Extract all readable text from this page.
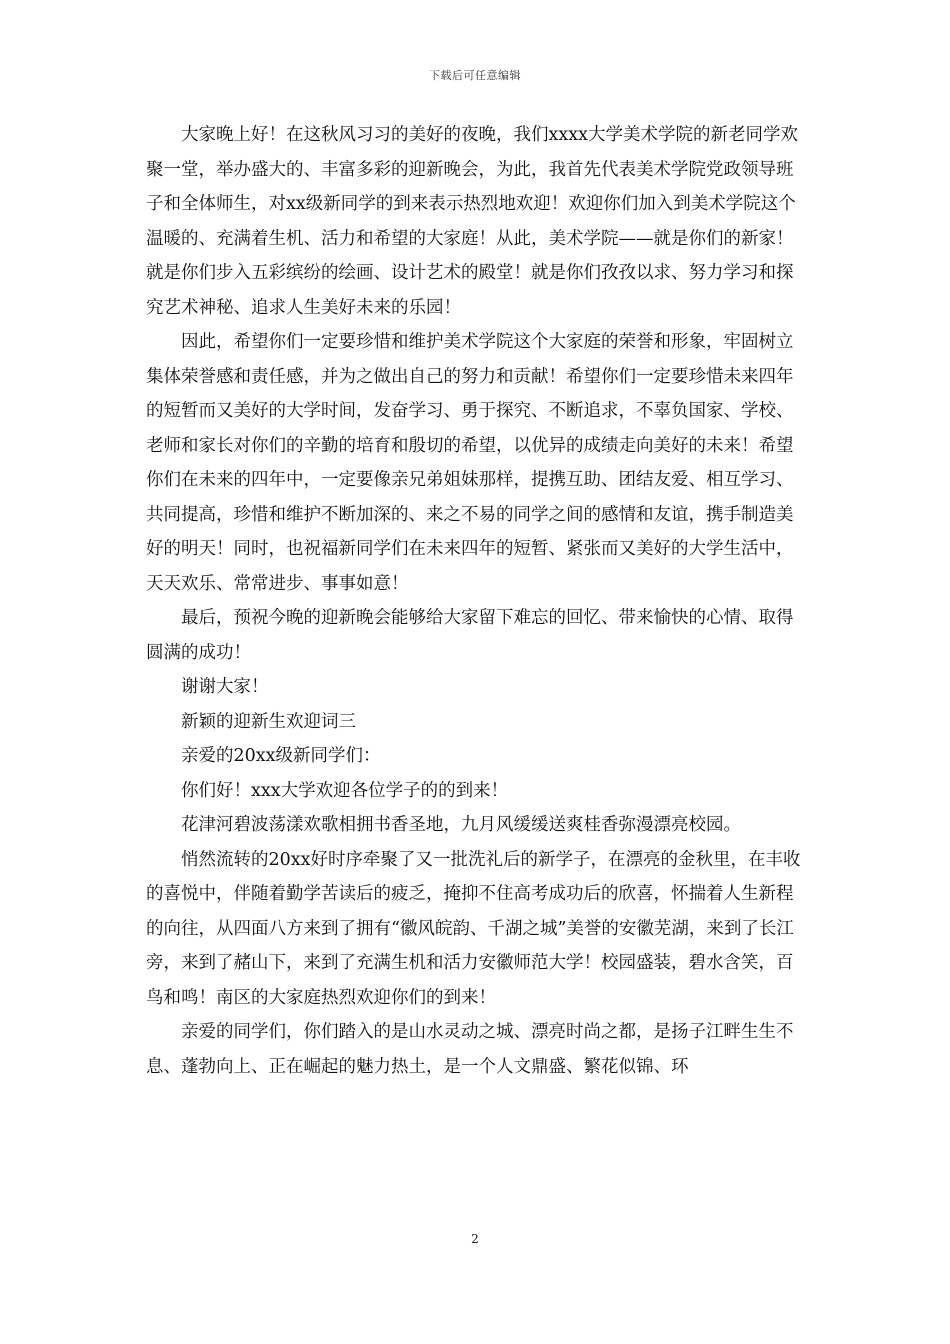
下载后可任意编辑

大家晚上好！在这秋风习习的美好的夜晚，我们xxxx大学美术学院的新老同学欢聚一堂，举办盛大的、丰富多彩的迎新晚会，为此，我首先代表美术学院党政领导班子和全体师生，对xx级新同学的到来表示热烈地欢迎！欢迎你们加入到美术学院这个温暖的、充满着生机、活力和希望的大家庭！从此，美术学院——就是你们的新家！就是你们步入五彩缤纷的绘画、设计艺术的殿堂！就是你们孜孜以求、努力学习和探究艺术神秘、追求人生美好未来的乐园！

因此，希望你们一定要珍惜和维护美术学院这个大家庭的荣誉和形象，牢固树立集体荣誉感和责任感，并为之做出自己的努力和贡献！希望你们一定要珍惜未来四年的短暂而又美好的大学时间，发奋学习、勇于探究、不断追求，不辜负国家、学校、老师和家长对你们的辛勤的培育和殷切的希望，以优异的成绩走向美好的未来！希望你们在未来的四年中，一定要像亲兄弟姐妹那样，提携互助、团结友爱、相互学习、共同提高，珍惜和维护不断加深的、来之不易的同学之间的感情和友谊，携手制造美好的明天！同时，也祝福新同学们在未来四年的短暂、紧张而又美好的大学生活中，天天欢乐、常常进步、事事如意！

最后，预祝今晚的迎新晚会能够给大家留下难忘的回忆、带来愉快的心情、取得圆满的成功！

谢谢大家！

新颖的迎新生欢迎词三

亲爱的20xx级新同学们：

你们好！xxx大学欢迎各位学子的的到来！

花津河碧波荡漾欢歌相拥书香圣地，九月风缓缓送爽桂香弥漫漂亮校园。

悄然流转的20xx好时序牵聚了又一批洗礼后的新学子，在漂亮的金秋里，在丰收的喜悦中，伴随着勤学苦读后的疲乏，掩抑不住高考成功后的欣喜，怀揣着人生新程的向往，从四面八方来到了拥有“徽风皖韵、千湖之城”美誉的安徽芜湖，来到了长江旁，来到了赭山下，来到了充满生机和活力安徽师范大学！校园盛装，碧水含笑，百鸟和鸣！南区的大家庭热烈欢迎你们的到来！

亲爱的同学们，你们踏入的是山水灵动之城、漂亮时尚之都，是扬子江畔生生不息、蓬勃向上、正在崛起的魅力热土，是一个人文鼎盛、繁花似锦、环

2
